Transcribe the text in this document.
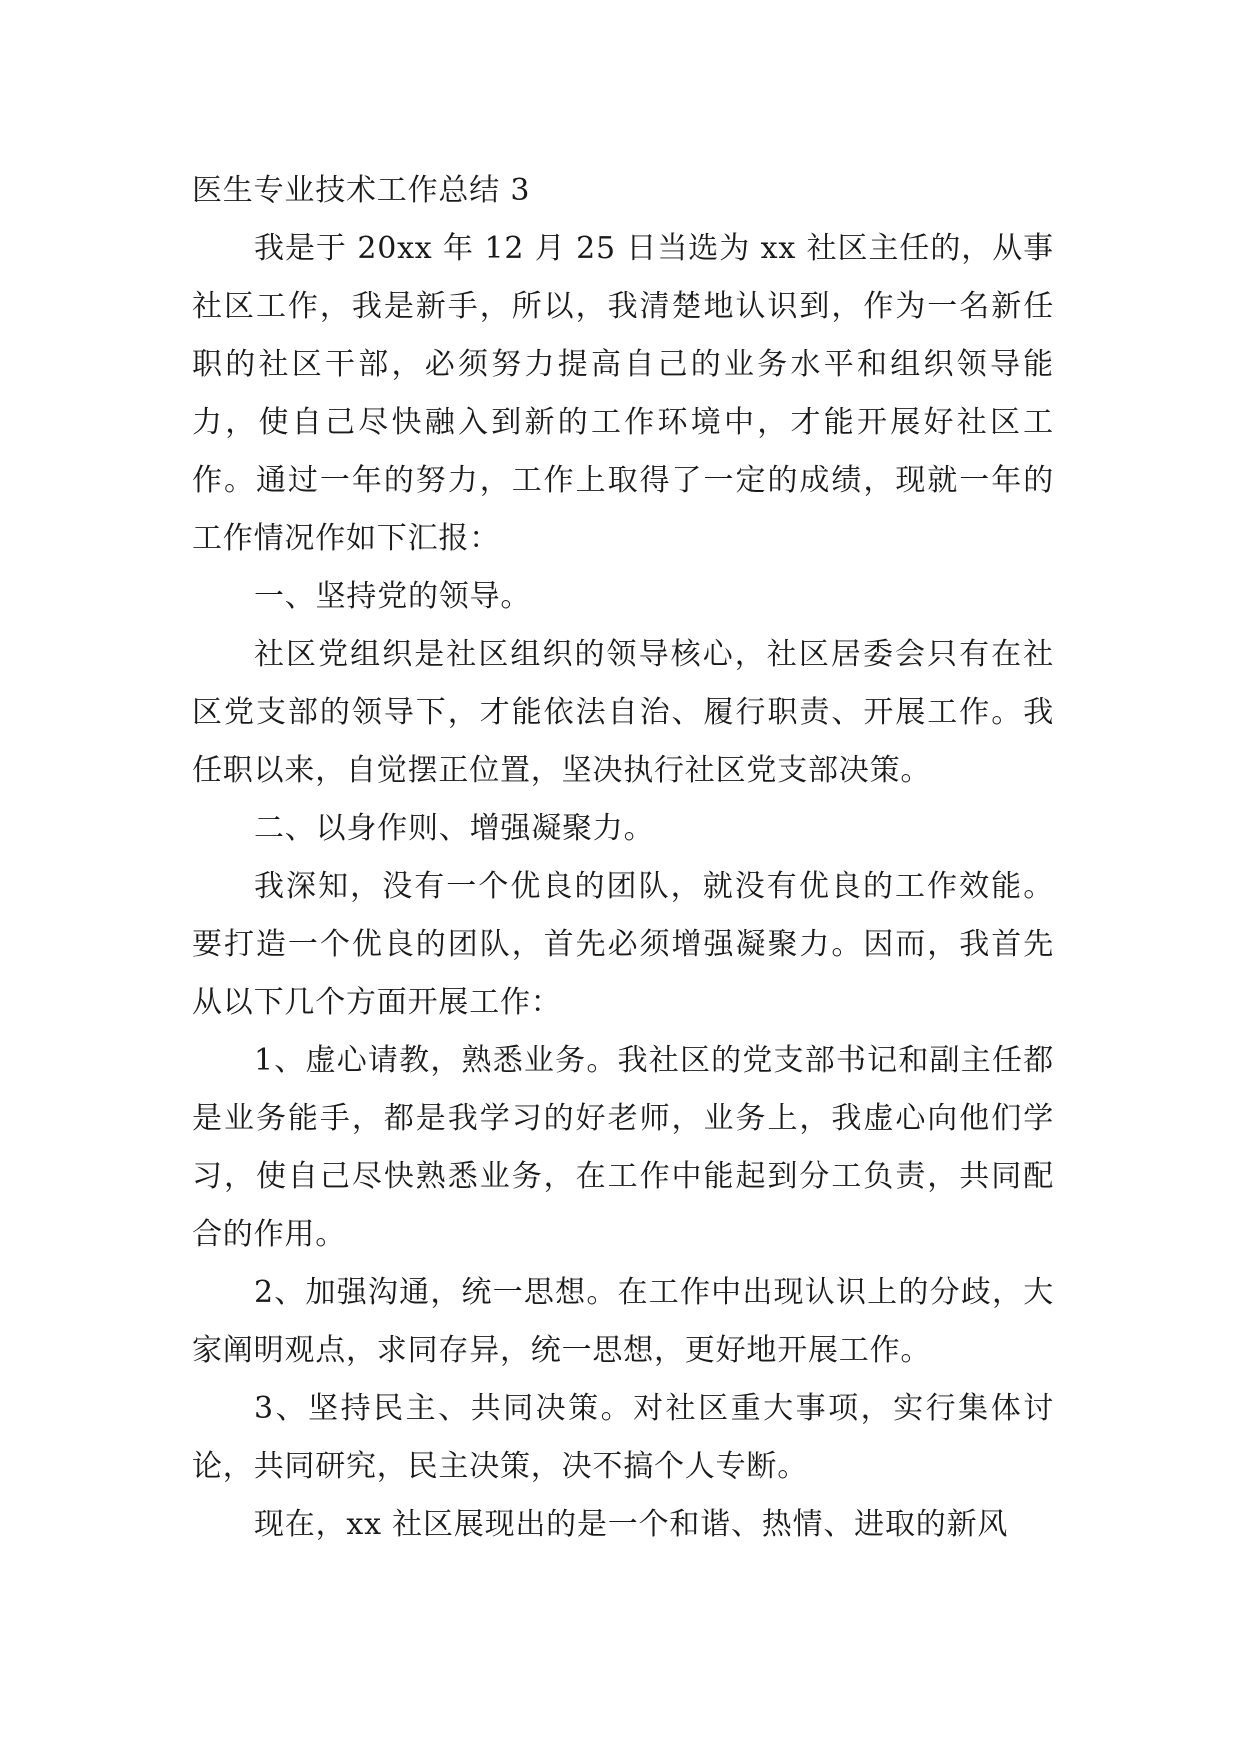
医生专业技术工作总结 3

我是于 20xx 年 12 月 25 日当选为 xx 社区主任的，从事社区工作，我是新手，所以，我清楚地认识到，作为一名新任职的社区干部，必须努力提高自己的业务水平和组织领导能力，使自己尽快融入到新的工作环境中，才能开展好社区工作。通过一年的努力，工作上取得了一定的成绩，现就一年的工作情况作如下汇报：

一、坚持党的领导。

社区党组织是社区组织的领导核心，社区居委会只有在社区党支部的领导下，才能依法自治、履行职责、开展工作。我任职以来，自觉摆正位置，坚决执行社区党支部决策。

二、以身作则、增强凝聚力。

我深知，没有一个优良的团队，就没有优良的工作效能。要打造一个优良的团队，首先必须增强凝聚力。因而，我首先从以下几个方面开展工作：

1、虚心请教，熟悉业务。我社区的党支部书记和副主任都是业务能手，都是我学习的好老师，业务上，我虚心向他们学习，使自己尽快熟悉业务，在工作中能起到分工负责，共同配合的作用。

2、加强沟通，统一思想。在工作中出现认识上的分歧，大家阐明观点，求同存异，统一思想，更好地开展工作。

3、坚持民主、共同决策。对社区重大事项，实行集体讨论，共同研究，民主决策，决不搞个人专断。

现在，xx 社区展现出的是一个和谐、热情、进取的新风
